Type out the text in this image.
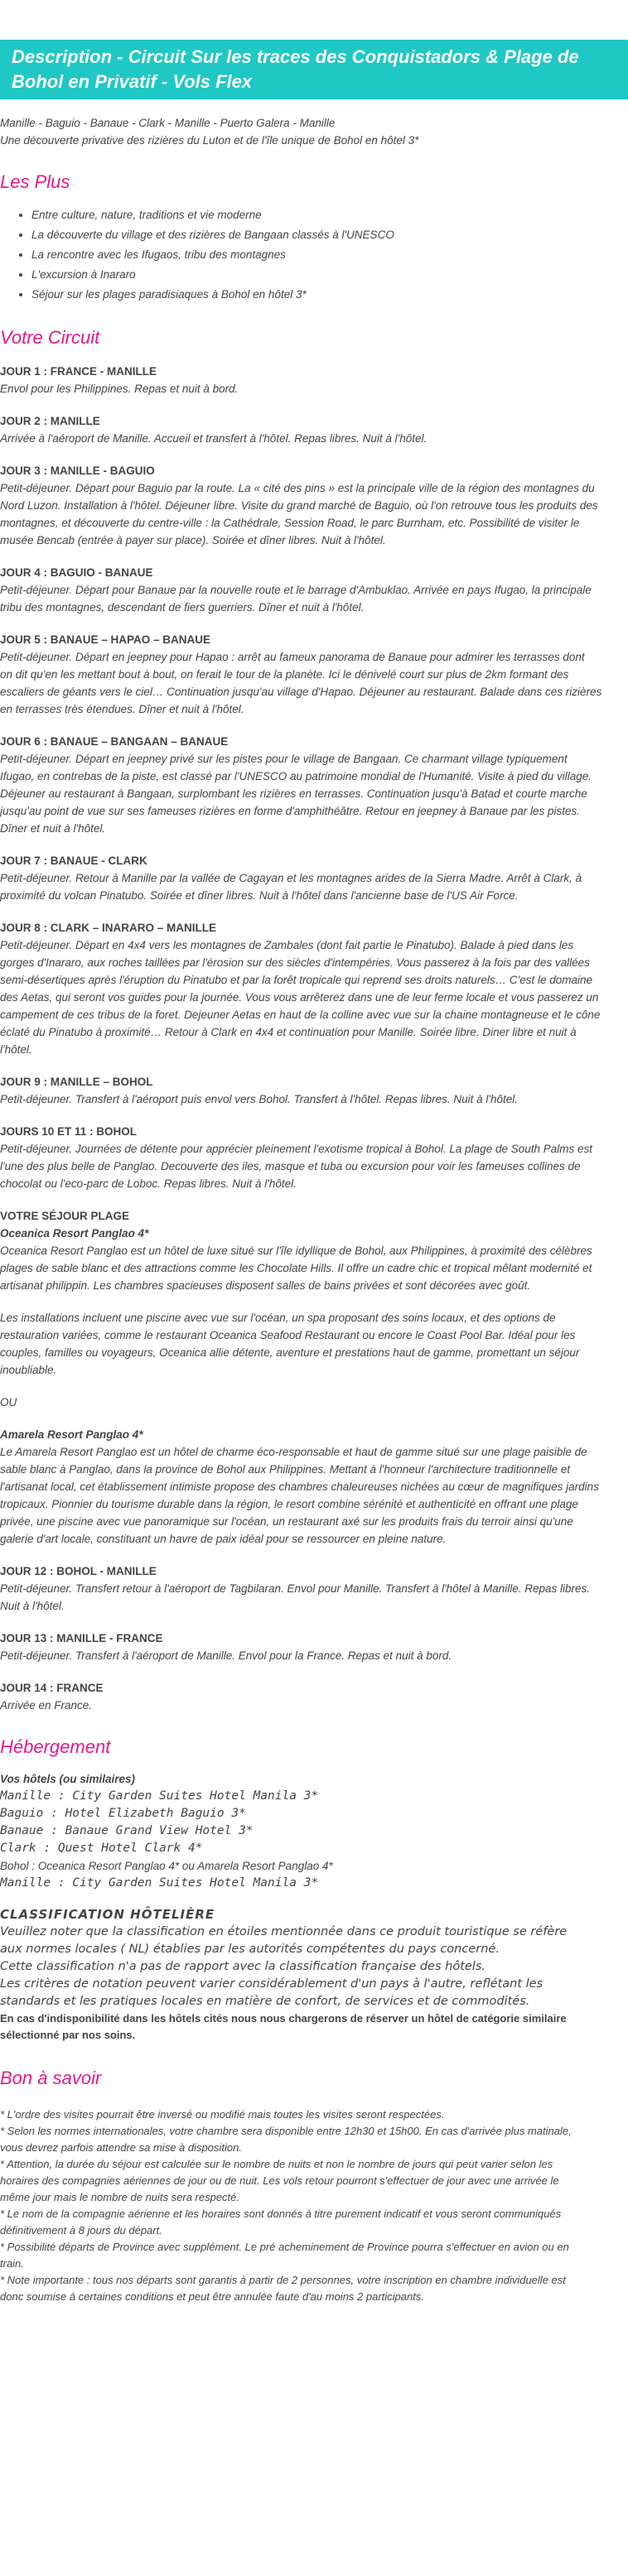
Description - Circuit Sur les traces des Conquistadors & Plage de

Bohol en Privatif - Vols Flex

Manille - Baguio - Banaue - Clark - Manille - Puerto Galera - Manille

Une découverte privative des rizières du Luton et de l'île unique de Bohol en hôtel 3*

Les Plus
• Entre culture, nature, traditions et vie moderne
• La découverte du village et des rizières de Bangaan classés à l'UNESCO
• La rencontre avec les Ifugaos, tribu des montagnes
• L'excursion à Inararo
• Séjour sur les plages paradisiaques à Bohol en hôtel 3*
Votre Circuit

JOUR 1 : FRANCE - MANILLE

Envol pour les Philippines. Repas et nuit à bord.

JOUR 2 : MANILLE

Arrivée à l'aéroport de Manille. Accueil et transfert à l'hôtel. Repas libres. Nuit à l'hôtel.

JOUR 3 : MANILLE - BAGUIO

Petit-déjeuner. Départ pour Baguio par la route. La « cité des pins » est la principale ville de la région des montagnes du

Nord Luzon. Installation à l'hôtel. Déjeuner libre. Visite du grand marché de Baguio, où l'on retrouve tous les produits des

montagnes, et découverte du centre-ville : la Cathédrale, Session Road, le parc Burnham, etc. Possibilité de visiter le

musée Bencab (entrée à payer sur place). Soirée et dîner libres. Nuit à l'hôtel.

JOUR 4 : BAGUIO - BANAUE

Petit-déjeuner. Départ pour Banaue par la nouvelle route et le barrage d'Ambuklao. Arrivée en pays Ifugao, la principale

tribu des montagnes, descendant de fiers guerriers. Dîner et nuit à l'hôtel.

JOUR 5 : BANAUE – HAPAO – BANAUE

Petit-déjeuner. Départ en jeepney pour Hapao : arrêt au fameux panorama de Banaue pour admirer les terrasses dont

on dit qu'en les mettant bout à bout, on ferait le tour de la planète. Ici le dénivelé court sur plus de 2km formant des

escaliers de géants vers le ciel… Continuation jusqu'au village d'Hapao. Déjeuner au restaurant. Balade dans ces rizières

en terrasses très étendues. Dîner et nuit à l'hôtel.

JOUR 6 : BANAUE – BANGAAN – BANAUE

Petit-déjeuner. Départ en jeepney privé sur les pistes pour le village de Bangaan. Ce charmant village typiquement

Ifugao, en contrebas de la piste, est classé par l'UNESCO au patrimoine mondial de l'Humanité. Visite à pied du village.

Déjeuner au restaurant à Bangaan, surplombant les rizières en terrasses. Continuation jusqu'à Batad et courte marche

jusqu'au point de vue sur ses fameuses rizières en forme d'amphithéâtre. Retour en jeepney à Banaue par les pistes.

Dîner et nuit à l'hôtel.

JOUR 7 : BANAUE - CLARK

Petit-déjeuner. Retour à Manille par la vallée de Cagayan et les montagnes arides de la Sierra Madre. Arrêt à Clark, à

proximité du volcan Pinatubo. Soirée et dîner libres. Nuit à l'hôtel dans l'ancienne base de l'US Air Force.

JOUR 8 : CLARK – INARARO – MANILLE

Petit-déjeuner. Départ en 4x4 vers les montagnes de Zambales (dont fait partie le Pinatubo). Balade à pied dans les

gorges d'Inararo, aux roches taillées par l'érosion sur des siècles d'intempéries. Vous passerez à la fois par des vallées

semi-désertiques après l'éruption du Pinatubo et par la forêt tropicale qui reprend ses droits naturels… C'est le domaine

des Aetas, qui seront vos guides pour la journée. Vous vous arrêterez dans une de leur ferme locale et vous passerez un

campement de ces tribus de la foret. Dejeuner Aetas en haut de la colline avec vue sur la chaine montagneuse et le cône

éclaté du Pinatubo à proximité… Retour à Clark en 4x4 et continuation pour Manille. Soirée libre. Diner libre et nuit à

l'hôtel.

JOUR 9 : MANILLE – BOHOL

Petit-déjeuner. Transfert à l'aéroport puis envol vers Bohol. Transfert à l'hôtel. Repas libres. Nuit à l'hôtel.

JOURS 10 ET 11 : BOHOL

Petit-déjeuner. Journées de détente pour apprécier pleinement l'exotisme tropical à Bohol. La plage de South Palms est

l'une des plus belle de Panglao. Decouverte des iles, masque et tuba ou excursion pour voir les fameuses collines de

chocolat ou l'eco-parc de Loboc. Repas libres. Nuit à l'hôtel.

VOTRE SÉJOUR PLAGE

Oceanica Resort Panglao 4*

Oceanica Resort Panglao est un hôtel de luxe situé sur l'île idyllique de Bohol, aux Philippines, à proximité des célèbres

plages de sable blanc et des attractions comme les Chocolate Hills. Il offre un cadre chic et tropical mêlant modernité et

artisanat philippin. Les chambres spacieuses disposent salles de bains privées et sont décorées avec goût.

Les installations incluent une piscine avec vue sur l'océan, un spa proposant des soins locaux, et des options de

restauration variées, comme le restaurant Oceanica Seafood Restaurant ou encore le Coast Pool Bar. Idéal pour les

couples, familles ou voyageurs, Oceanica allie détente, aventure et prestations haut de gamme, promettant un séjour

inoubliable.

OU

Amarela Resort Panglao 4*

Le Amarela Resort Panglao est un hôtel de charme éco-responsable et haut de gamme situé sur une plage paisible de

sable blanc à Panglao, dans la province de Bohol aux Philippines. Mettant à l'honneur l'architecture traditionnelle et

l'artisanat local, cet établissement intimiste propose des chambres chaleureuses nichées au cœur de magnifiques jardins

tropicaux. Pionnier du tourisme durable dans la région, le resort combine sérénité et authenticité en offrant une plage

privée, une piscine avec vue panoramique sur l'océan, un restaurant axé sur les produits frais du terroir ainsi qu'une

galerie d'art locale, constituant un havre de paix idéal pour se ressourcer en pleine nature.

JOUR 12 : BOHOL - MANILLE

Petit-déjeuner. Transfert retour à l'aéroport de Tagbilaran. Envol pour Manille. Transfert à l'hôtel à Manille. Repas libres.

Nuit à l'hôtel.

JOUR 13 : MANILLE - FRANCE

Petit-déjeuner. Transfert à l'aéroport de Manille. Envol pour la France. Repas et nuit à bord.

JOUR 14 : FRANCE

Arrivée en France.

Hébergement

Vos hôtels (ou similaires)

Manille : City Garden Suites Hotel Manila 3*

Baguio : Hotel Elizabeth Baguio 3*

Banaue : Banaue Grand View Hotel 3*

Clark : Quest Hotel Clark 4*

Bohol : Oceanica Resort Panglao 4* ou Amarela Resort Panglao 4*

Manille : City Garden Suites Hotel Manila 3*

CLASSIFICATION HÔTELIÈRE

Veuillez noter que la classification en étoiles mentionnée dans ce produit touristique se réfère

aux normes locales ( NL) établies par les autorités compétentes du pays concerné.

Cette classification n'a pas de rapport avec la classification française des hôtels.

Les critères de notation peuvent varier considérablement d'un pays à l'autre, reflétant les

standards et les pratiques locales en matière de confort, de services et de commodités.

En cas d'indisponibilité dans les hôtels cités nous nous chargerons de réserver un hôtel de catégorie similaire

sélectionné par nos soins.

Bon à savoir

* L'ordre des visites pourrait être inversé ou modifié mais toutes les visites seront respectées.

* Selon les normes internationales, votre chambre sera disponible entre 12h30 et 15h00. En cas d'arrivée plus matinale,

vous devrez parfois attendre sa mise à disposition.

* Attention, la durée du séjour est calculée sur le nombre de nuits et non le nombre de jours qui peut varier selon les

horaires des compagnies aériennes de jour ou de nuit. Les vols retour pourront s'effectuer de jour avec une arrivée le

même jour mais le nombre de nuits sera respecté.

* Le nom de la compagnie aérienne et les horaires sont donnés à titre purement indicatif et vous seront communiqués

définitivement à 8 jours du départ.

* Possibilité départs de Province avec supplément. Le pré acheminement de Province pourra s'effectuer en avion ou en

train.

* Note importante : tous nos départs sont garantis à partir de 2 personnes, votre inscription en chambre individuelle est

donc soumise à certaines conditions et peut être annulée faute d'au moins 2 participants.
